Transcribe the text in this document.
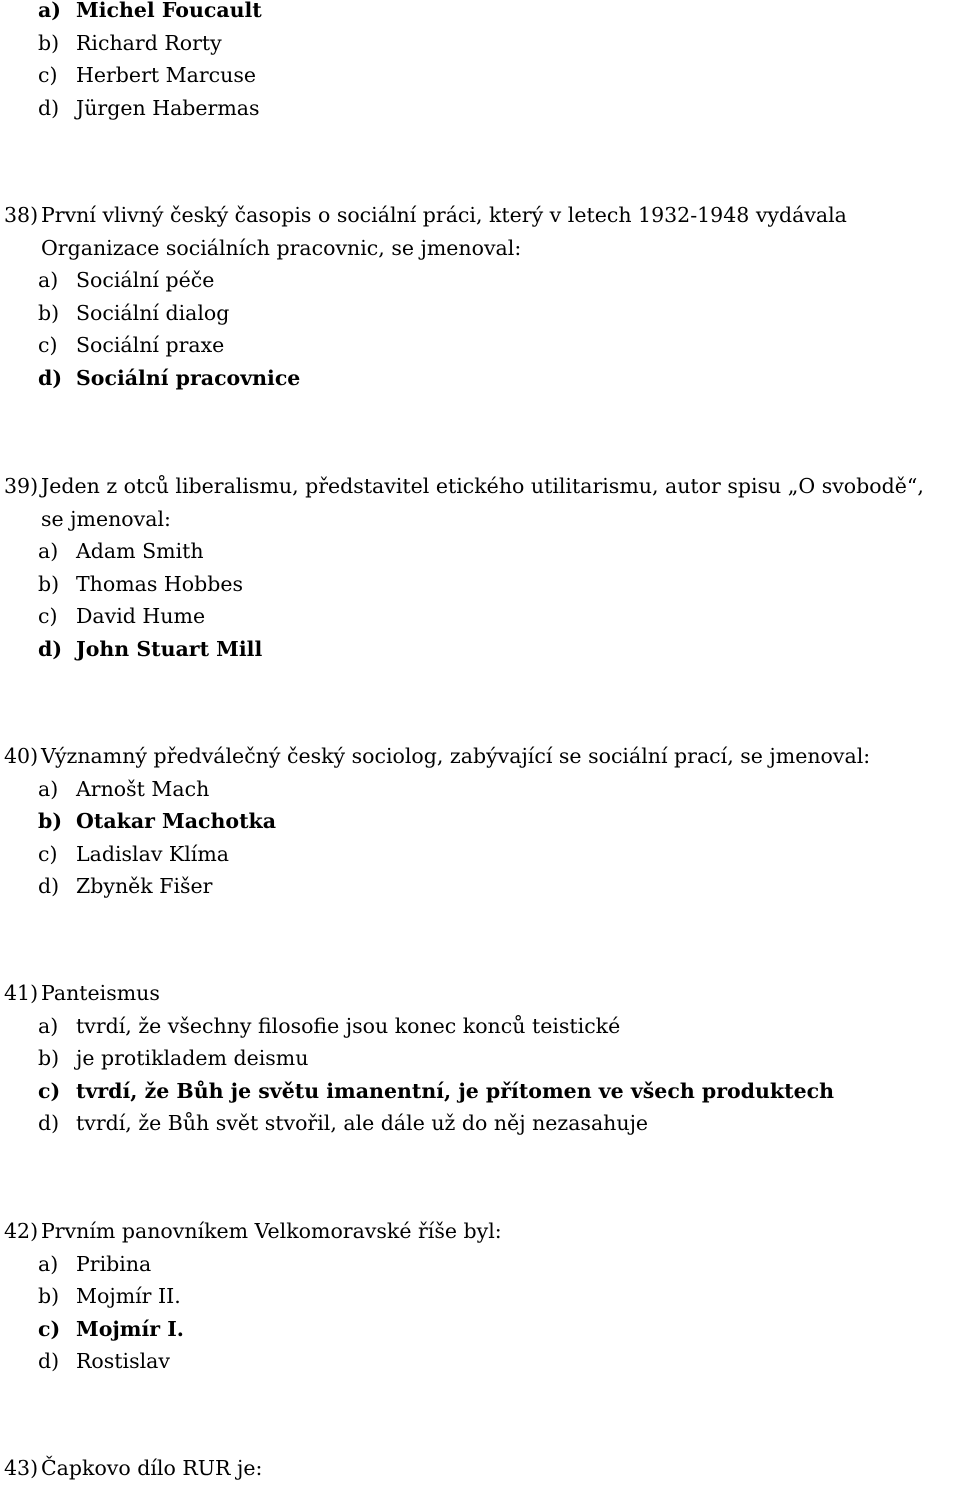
a) Michel Foucault
b) Richard Rorty
c) Herbert Marcuse
d) Jürgen Habermas
38) První vlivný český časopis o sociální práci, který v letech 1932-1948 vydávala
Organizace sociálních pracovnic, se jmenoval:
a) Sociální péče
b) Sociální dialog
c) Sociální praxe
d) Sociální pracovnice
39) Jeden z otců liberalismu, představitel etického utilitarismu, autor spisu „O svobodě“,
se jmenoval:
a) Adam Smith
b) Thomas Hobbes
c) David Hume
d) John Stuart Mill
40) Významný předválečný český sociolog, zabývající se sociální prací, se jmenoval:
a) Arnošt Mach
b) Otakar Machotka
c) Ladislav Klíma
d) Zbyněk Fišer
41) Panteismus
a) tvrdí, že všechny filosofie jsou konec konců teistické
b) je protikladem deismu
c) tvrdí, že Bůh je světu imanentní, je přítomen ve všech produktech
d) tvrdí, že Bůh svět stvořil, ale dále už do něj nezasahuje
42) Prvním panovníkem Velkomoravské říše byl:
a) Pribina
b) Mojmír II.
c) Mojmír I.
d) Rostislav
43) Čapkovo dílo RUR je:
